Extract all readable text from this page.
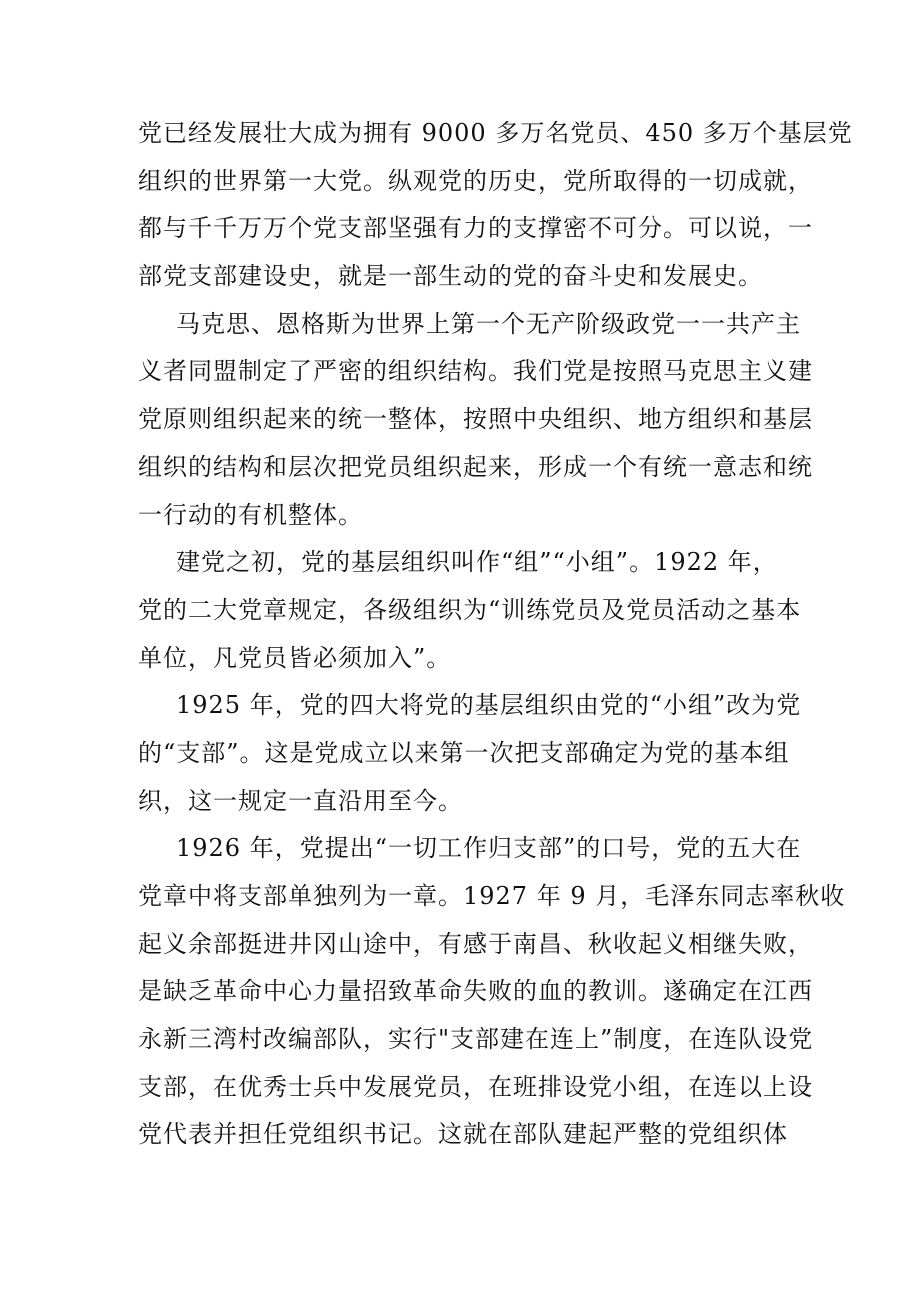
党已经发展壮大成为拥有 9000 多万名党员、450 多万个基层党
组织的世界第一大党。纵观党的历史，党所取得的一切成就，
都与千千万万个党支部坚强有力的支撑密不可分。可以说，一
部党支部建设史，就是一部生动的党的奋斗史和发展史。
马克思、恩格斯为世界上第一个无产阶级政党一一共产主
义者同盟制定了严密的组织结构。我们党是按照马克思主义建
党原则组织起来的统一整体，按照中央组织、地方组织和基层
组织的结构和层次把党员组织起来，形成一个有统一意志和统
一行动的有机整体。
建党之初，党的基层组织叫作“组”“小组”。1922 年，
党的二大党章规定，各级组织为“训练党员及党员活动之基本
单位，凡党员皆必须加入”。
1925 年，党的四大将党的基层组织由党的“小组”改为党
的“支部”。这是党成立以来第一次把支部确定为党的基本组
织，这一规定一直沿用至今。
1926 年，党提出“一切工作归支部”的口号，党的五大在
党章中将支部单独列为一章。1927 年 9 月，毛泽东同志率秋收
起义余部挺进井冈山途中，有感于南昌、秋收起义相继失败，
是缺乏革命中心力量招致革命失败的血的教训。遂确定在江西
永新三湾村改编部队，实行"支部建在连上”制度，在连队设党
支部，在优秀士兵中发展党员，在班排设党小组，在连以上设
党代表并担任党组织书记。这就在部队建起严整的党组织体
